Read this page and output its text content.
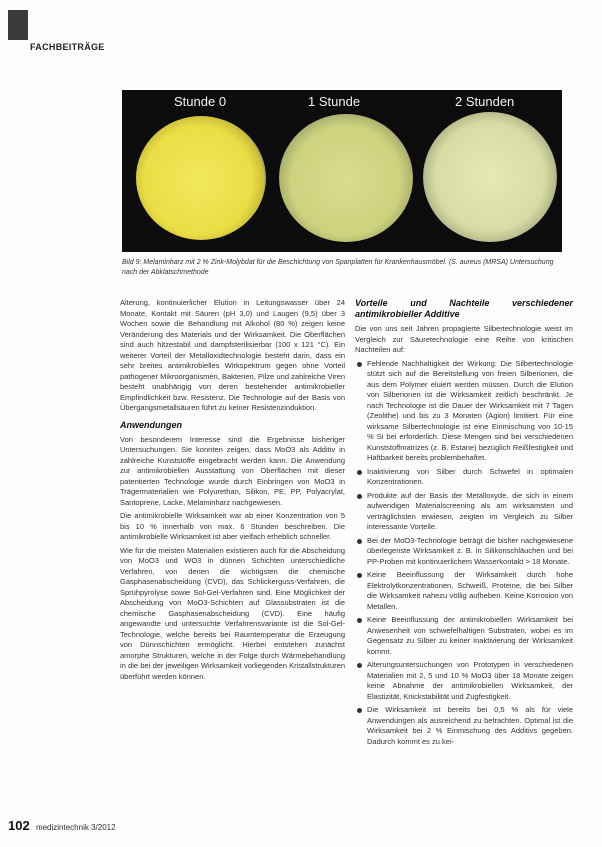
FACHBEITRÄGE
Stunde 0	1 Stunde	2 Stunden
Bild 9: Melaminharz mit 2 % Zink-Molybdat für die Beschichtung von Spanplatten für Krankenhausmöbel. (S. aureus (MRSA) Untersuchung nach der Abklatschmethode

Alterung, kontinuierlicher Elution in Leitungswasser über 24 Monate, Kontakt mit Säuren (pH 3,0) und Laugen (9,5) über 3 Wochen sowie die Behandlung mit Alkohol (80 %) zeigen keine Veränderung des Materials und der Wirksamkeit. Die Oberflächen sind auch hitzestabil und dampfsterilisierbar (100 x 121 °C). Ein weiterer Vorteil der Metalloxidtechnologie besteht darin, dass ein sehr breites antimikrobielles Wirkspektrum gegen ohne Vorteil pathogener Mikroorganismen, Bakterien, Pilze und zahlreiche Viren besteht unabhängig von deren bestehender antimikrobieller Empfindlichkeit bzw. Resistenz. Die Technologie auf der Basis von Übergangsmetallsäuren führt zu keiner Resistenzinduktion.

Anwendungen

Von besonderem Interesse sind die Ergebnisse bisheriger Untersuchungen. Sie konnten zeigen, dass MoO3 als Additiv in zahlreiche Kunststoffe eingebracht werden kann. Die Anwendung zur antimikrobiellen Ausstattung von Oberflächen mit dieser patentierten Technologie wurde durch Einbringen von MoO3 in Trägermaterialien wie Polyurethan, Silikon, PE, PP, Polyacrylat, Santoprene, Lacke, Melaminharz nachgewiesen.

Die antimikrobielle Wirksamkeit war ab einer Konzentration von 5 bis 10 % innerhalb von max. 6 Stunden beschreiben. Die antimikrobielle Wirksamkeit ist aber vielfach erheblich schneller.

Wie für die meisten Materialien existieren auch für die Abscheidung von MoO3 und WO3 in dünnen Schichten unterschiedliche Verfahren, von denen die wichtigsten die chemische Gasphasenabscheidung (CVD), das Schlickerguss-Verfahren, die Sprühpyrolyse sowie Sol-Gel-Verfahren sind. Eine Möglichkeit der Abscheidung von MoO3-Schichten auf Glassubstraten ist die chemische Gasphasenabscheidung (CVD). Eine häufig angewandte und untersuchte Verfahrensvariante ist die Sol-Gel-Technologie, welche bereits bei Raumtemperatur die Erzeugung von Dünnschichten ermöglicht. Hierbei entstehen zunächst amorphe Strukturen, welche in der Folge durch Wärmebehandlung in die bei der jeweiligen Wirksamkeit vorliegenden Kristallstrukturen überführt werden können.

Vorteile und Nachteile verschiedener antimikrobieller Additive

Die von uns seit Jahren propagierte Silbertechnologie weist im Vergleich zur Säuretechnologie eine Reihe von kritischen Nachteilen auf:

Fehlende Nachhaltigkeit der Wirkung: Die Silbertechnologie stützt sich auf die Bereitstellung von freien Silberionen, die aus dem Polymer eluiert werden müssen. Durch die Elution von Silberionen ist die Wirksamkeit zeitlich beschränkt. Je nach Technologie ist die Dauer der Wirksamkeit mit 7 Tagen (Zeolithe) und bis zu 3 Monaten (Agion) limitiert. Für eine wirksame Silbertechnologie ist eine Einmischung von 10-15 % Si bei erforderlich. Diese Mengen sind bei verschiedenen Kunststoffmatrizes (z. B. Estane) bezüglich Reißfestigkeit und Haftbarkeit bereits problembehaftet.
Inaktivierung von Silber durch Schwefel in optimalen Konzentrationen.
Produkte auf der Basis der Metalloxyde, die sich in einem aufwendigen Materialscreening als am wirksamsten und verträglichsten erwiesen, zeigten im Vergleich zu Silber interessante Vorteile.
Bei der MoO3-Technologie beträgt die bisher nachgewiesene überlegenste Wirksamkeit z. B. in Silikonschläuchen und bei PP-Proben mit kontinuierlichem Wasserkontakt > 18 Monate.
Keine Beeinflussung der Wirksamkeit durch hohe Elektrolytkonzentrationen, Schweiß, Proteine, die bei Silber die Wirksamkeit nahezu völlig aufheben. Keine Korrosion von Metallen.
Keine Beeinflussung der antimikrobiellen Wirksamkeit bei Anwesenheit von schwefelhaltigen Substraten, wobei es im Gegensatz zu Silber zu keiner Inaktivierung der Wirksamkeit kommt.
Alterungsuntersuchungen von Prototypen in verschiedenen Materialien mit 2, 5 und 10 % MoO3 über 18 Monate zeigen keine Abnahme der antimikrobiellen Wirksamkeit, der Elastizität, Knickstabilität und Zugfestigkeit.
Die Wirksamkeit ist bereits bei 0,5 % als für viele Anwendungen als ausreichend zu betrachten. Optimal ist die Wirksamkeit bei 2 % Einmischung des Additivs gegeben. Dadurch kommt es zu kei-
102 medizintechnik 3/2012
